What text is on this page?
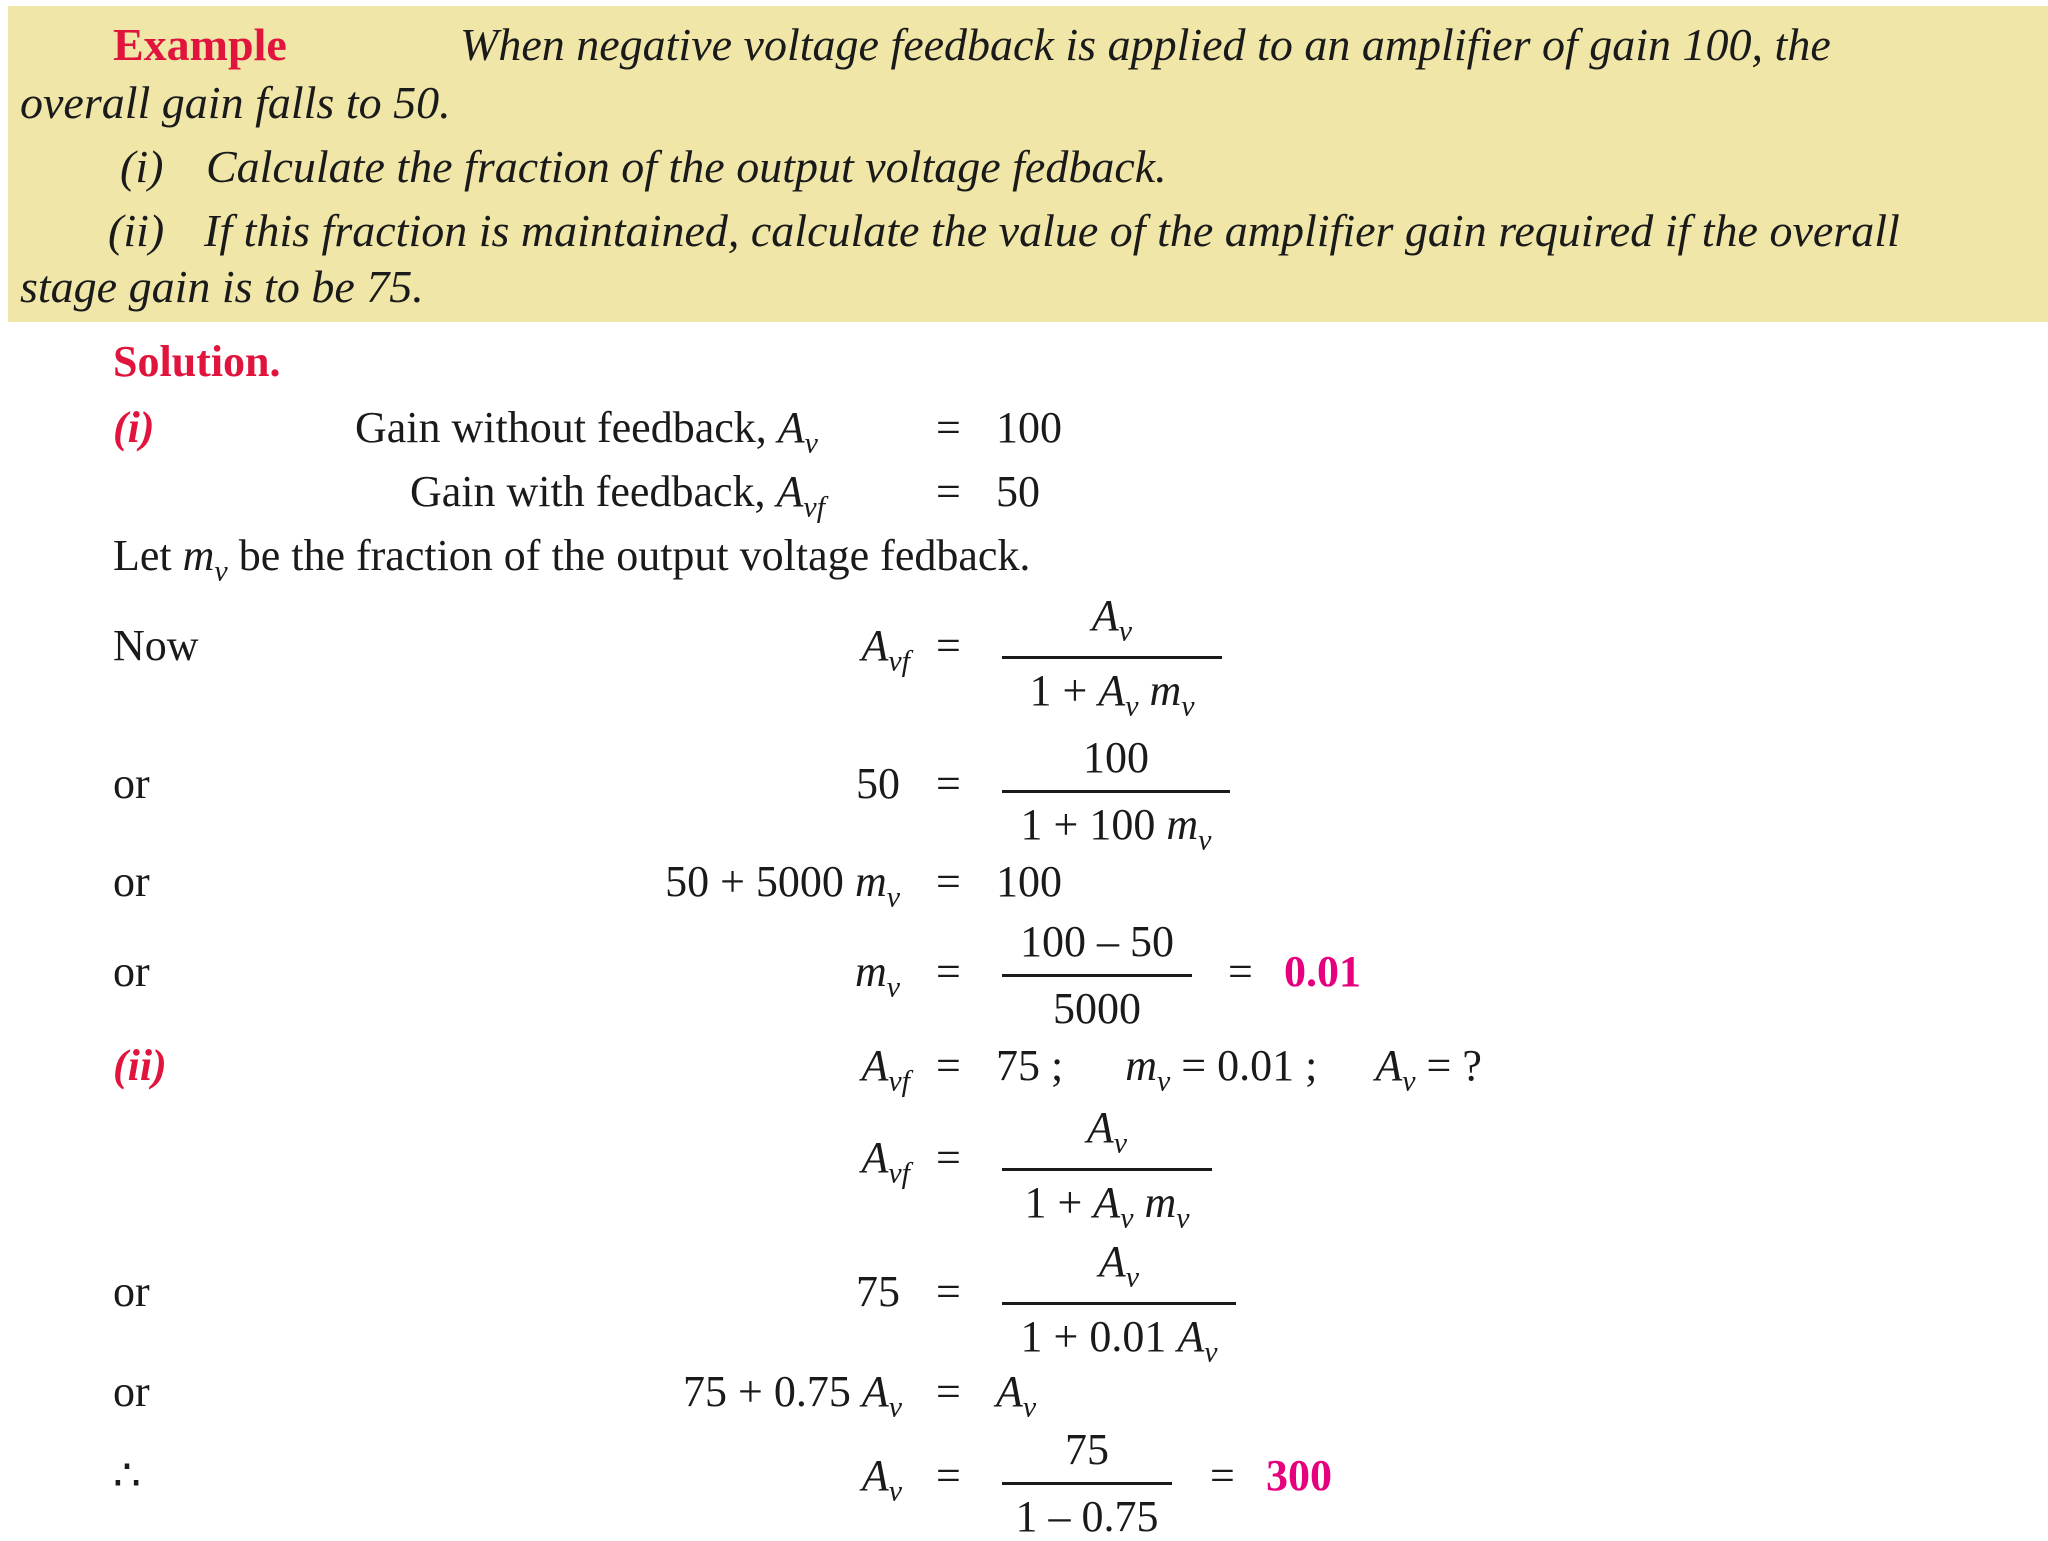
Example	When negative voltage feedback is applied to an amplifier of gain 100, the
overall gain falls to 50.
(i) Calculate the fraction of the output voltage fedback.
(ii) If this fraction is maintained, calculate the value of the amplifier gain required if the overall
stage gain is to be 75.
Solution.
(i)	Gain without feedback, $A_v$	= 100
Gain with feedback, $A_{vf}$	= 50
Let $m_v$ be the fraction of the output voltage fedback.
Now	$A_{vf}$ =
$A_v$
$1 + A_v$ $m_v$
or	50 =
100
1 + 100 $m_v$
or	50 + 5000 $m_v = 100$
or	$m_v$ =
100 – 50
5000
= 0.01
(ii)	$A_{vf} = 75$ ; $m_v = 0.01$ ; $A_v$ = ?
$A_{vf}$ =
$A_v$
$1 + A_v$ $m_v$
or	75 =
$A_v$
1 + 0.01 $A_v$
or	75 + 0.75 $A_v = A_v$
∴	$A_v$ =
75
1 – 0.75
= 300
